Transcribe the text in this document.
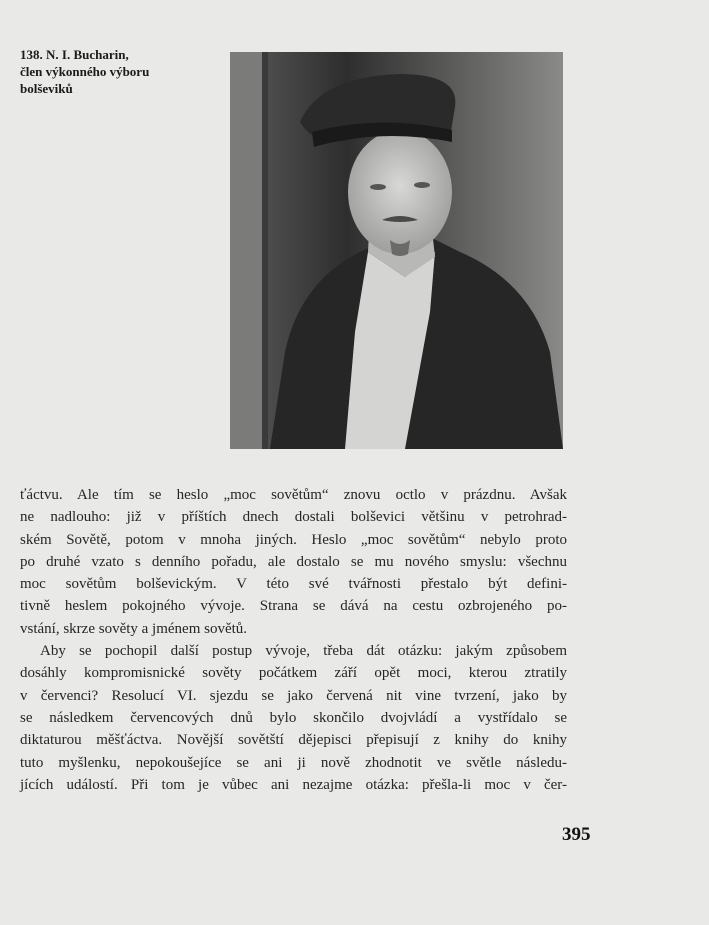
138. N. I. Bucharin,
člen výkonného výboru
bolševiků
ťáctvu. Ale tím se heslo „moc sovětům“ znovu octlo v prázdnu. Avšak
ne nadlouho: již v příštích dnech dostali bolševici většinu v petrohrad-
ském Sovětě, potom v mnoha jiných. Heslo „moc sovětům“ nebylo proto
po druhé vzato s denního pořadu, ale dostalo se mu nového smyslu: všechnu
moc sovětům bolševickým. V této své tvářnosti přestalo být defini-
tivně heslem pokojného vývoje. Strana se dává na cestu ozbrojeného po-
vstání, skrze sověty a jménem sovětů.
Aby se pochopil další postup vývoje, třeba dát otázku: jakým způsobem
dosáhly kompromisnické sověty počátkem září opět moci, kterou ztratily
v červenci? Resolucí VI. sjezdu se jako červená nit vine tvrzení, jako by
se následkem červencových dnů bylo skončilo dvojvládí a vystřídalo se
diktaturou měšťáctva. Novější sovětští dějepisci přepisují z knihy do knihy
tuto myšlenku, nepokoušejíce se ani ji nově zhodnotit ve světle následu-
jících událostí. Při tom je vůbec ani nezajme otázka: přešla-li moc v čer-
395
